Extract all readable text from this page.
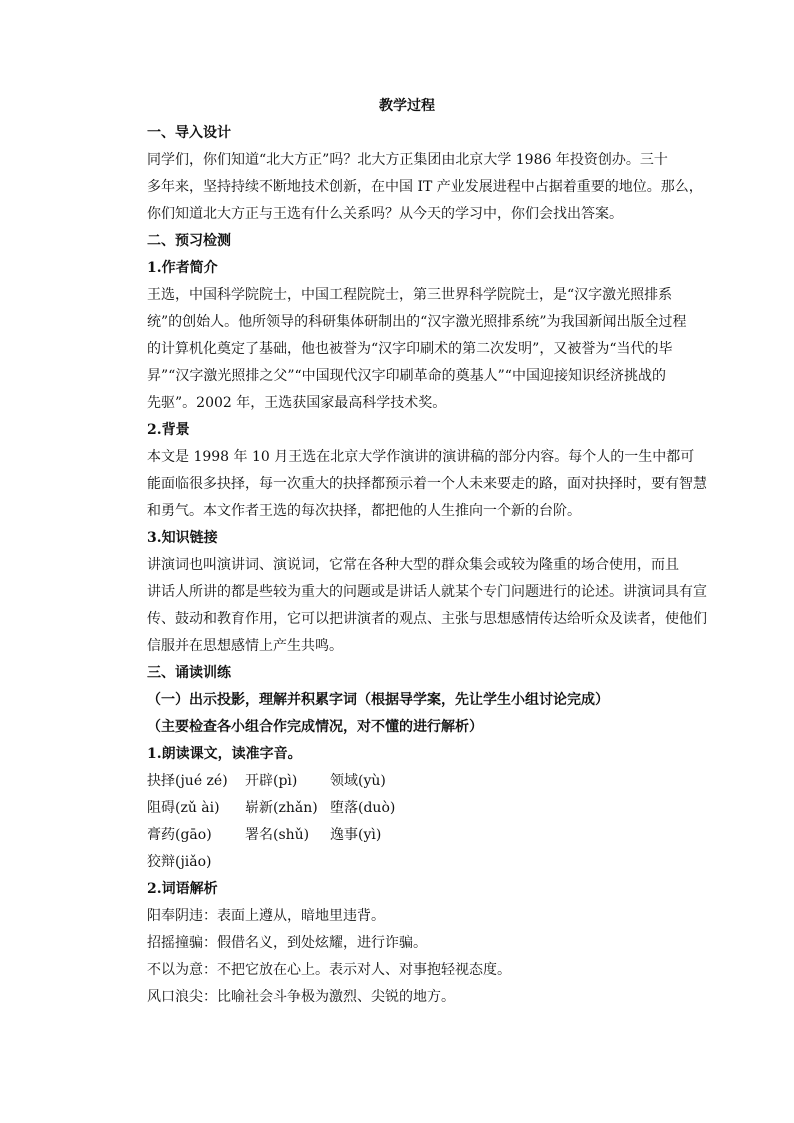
教学过程
一、导入设计
同学们，你们知道“北大方正”吗？北大方正集团由北京大学 1986 年投资创办。三十
多年来，坚持持续不断地技术创新，在中国 IT 产业发展进程中占据着重要的地位。那么，
你们知道北大方正与王选有什么关系吗？从今天的学习中，你们会找出答案。
二、预习检测
1.作者简介
王选，中国科学院院士，中国工程院院士，第三世界科学院院士，是“汉字激光照排系
统”的创始人。他所领导的科研集体研制出的“汉字激光照排系统”为我国新闻出版全过程
的计算机化奠定了基础，他也被誉为“汉字印刷术的第二次发明”，又被誉为“当代的毕
昇”“汉字激光照排之父”“中国现代汉字印刷革命的奠基人”“中国迎接知识经济挑战的
先驱”。2002 年，王选获国家最高科学技术奖。
2.背景
本文是 1998 年 10 月王选在北京大学作演讲的演讲稿的部分内容。每个人的一生中都可
能面临很多抉择，每一次重大的抉择都预示着一个人未来要走的路，面对抉择时，要有智慧
和勇气。本文作者王选的每次抉择，都把他的人生推向一个新的台阶。
3.知识链接
讲演词也叫演讲词、演说词，它常在各种大型的群众集会或较为隆重的场合使用，而且
讲话人所讲的都是些较为重大的问题或是讲话人就某个专门问题进行的论述。讲演词具有宣
传、鼓动和教育作用，它可以把讲演者的观点、主张与思想感情传达给听众及读者，使他们
信服并在思想感情上产生共鸣。
三、诵读训练
（一）出示投影，理解并积累字词（根据导学案，先让学生小组讨论完成）
（主要检查各小组合作完成情况，对不懂的进行解析）
1.朗读课文，读准字音。
抉择(jué zé)	开辟(pì)	领域(yù)
阻碍(zǔ ài)	崭新(zhǎn) 堕落(duò)
膏药(gāo)	署名(shǔ)	逸事(yì)
狡辩(jiǎo)
2.词语解析
阳奉阴违：表面上遵从，暗地里违背。
招摇撞骗：假借名义，到处炫耀，进行诈骗。
不以为意：不把它放在心上。表示对人、对事抱轻视态度。
风口浪尖：比喻社会斗争极为激烈、尖锐的地方。
